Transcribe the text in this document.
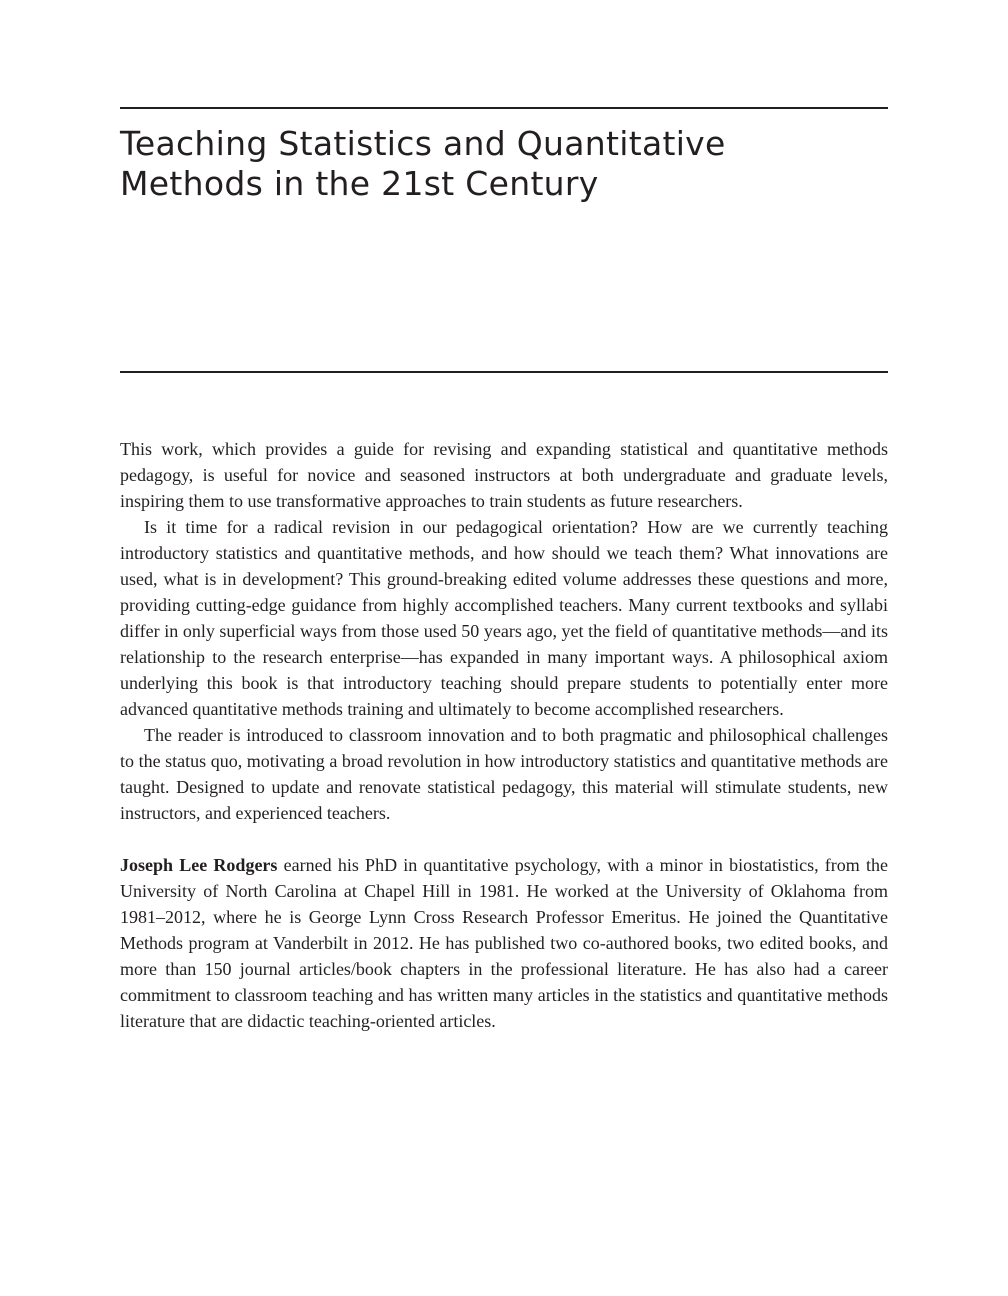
Teaching Statistics and Quantitative
Methods in the 21st Century

This work, which provides a guide for revising and expanding statistical and quantitative methods pedagogy, is useful for novice and seasoned instructors at both undergraduate and graduate levels, inspiring them to use transformative approaches to train students as future researchers.

Is it time for a radical revision in our pedagogical orientation? How are we currently teaching introductory statistics and quantitative methods, and how should we teach them? What innovations are used, what is in development? This ground-breaking edited volume addresses these questions and more, providing cutting-edge guidance from highly accomplished teachers. Many current textbooks and syllabi differ in only superficial ways from those used 50 years ago, yet the field of quantitative methods—and its relationship to the research enterprise—has expanded in many important ways. A philosophical axiom underlying this book is that introductory teaching should prepare students to potentially enter more advanced quantitative methods training and ultimately to become accomplished researchers.

The reader is introduced to classroom innovation and to both pragmatic and philosophical challenges to the status quo, motivating a broad revolution in how introductory statistics and quantitative methods are taught. Designed to update and renovate statistical pedagogy, this material will stimulate students, new instructors, and experienced teachers.

Joseph Lee Rodgers earned his PhD in quantitative psychology, with a minor in biostatistics, from the University of North Carolina at Chapel Hill in 1981. He worked at the University of Oklahoma from 1981–2012, where he is George Lynn Cross Research Professor Emeritus. He joined the Quantitative Methods program at Vanderbilt in 2012. He has published two co-authored books, two edited books, and more than 150 journal articles/book chapters in the professional literature. He has also had a career commitment to classroom teaching and has written many articles in the statistics and quantitative methods literature that are didactic teaching-oriented articles.
